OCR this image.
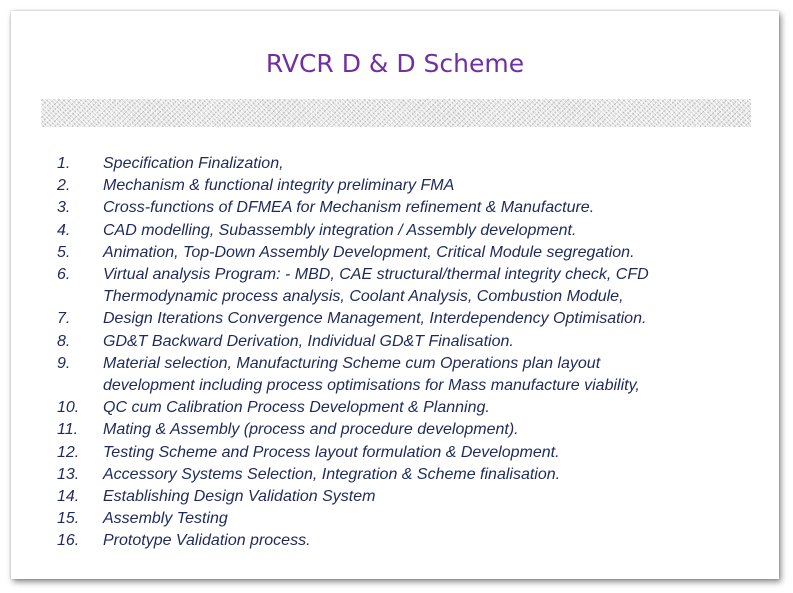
RVCR D & D Scheme
1.	Specification Finalization,
2.	Mechanism & functional integrity preliminary FMA
3.	Cross-functions of DFMEA for Mechanism refinement & Manufacture.
4.	CAD modelling, Subassembly integration / Assembly development.
5.	Animation, Top-Down Assembly Development, Critical Module segregation.
6.	Virtual analysis Program: - MBD, CAE structural/thermal integrity check, CFD
Thermodynamic process analysis, Coolant Analysis, Combustion Module,
7.	Design Iterations Convergence Management, Interdependency Optimisation.
8.	GD&T Backward Derivation, Individual GD&T Finalisation.
9.	Material selection, Manufacturing Scheme cum Operations plan layout
development including process optimisations for Mass manufacture viability,
10.	QC cum Calibration Process Development & Planning.
11.	Mating & Assembly (process and procedure development).
12.	Testing Scheme and Process layout formulation & Development.
13.	Accessory Systems Selection, Integration & Scheme finalisation.
14.	Establishing Design Validation System
15.	Assembly Testing
16.	Prototype Validation process.
